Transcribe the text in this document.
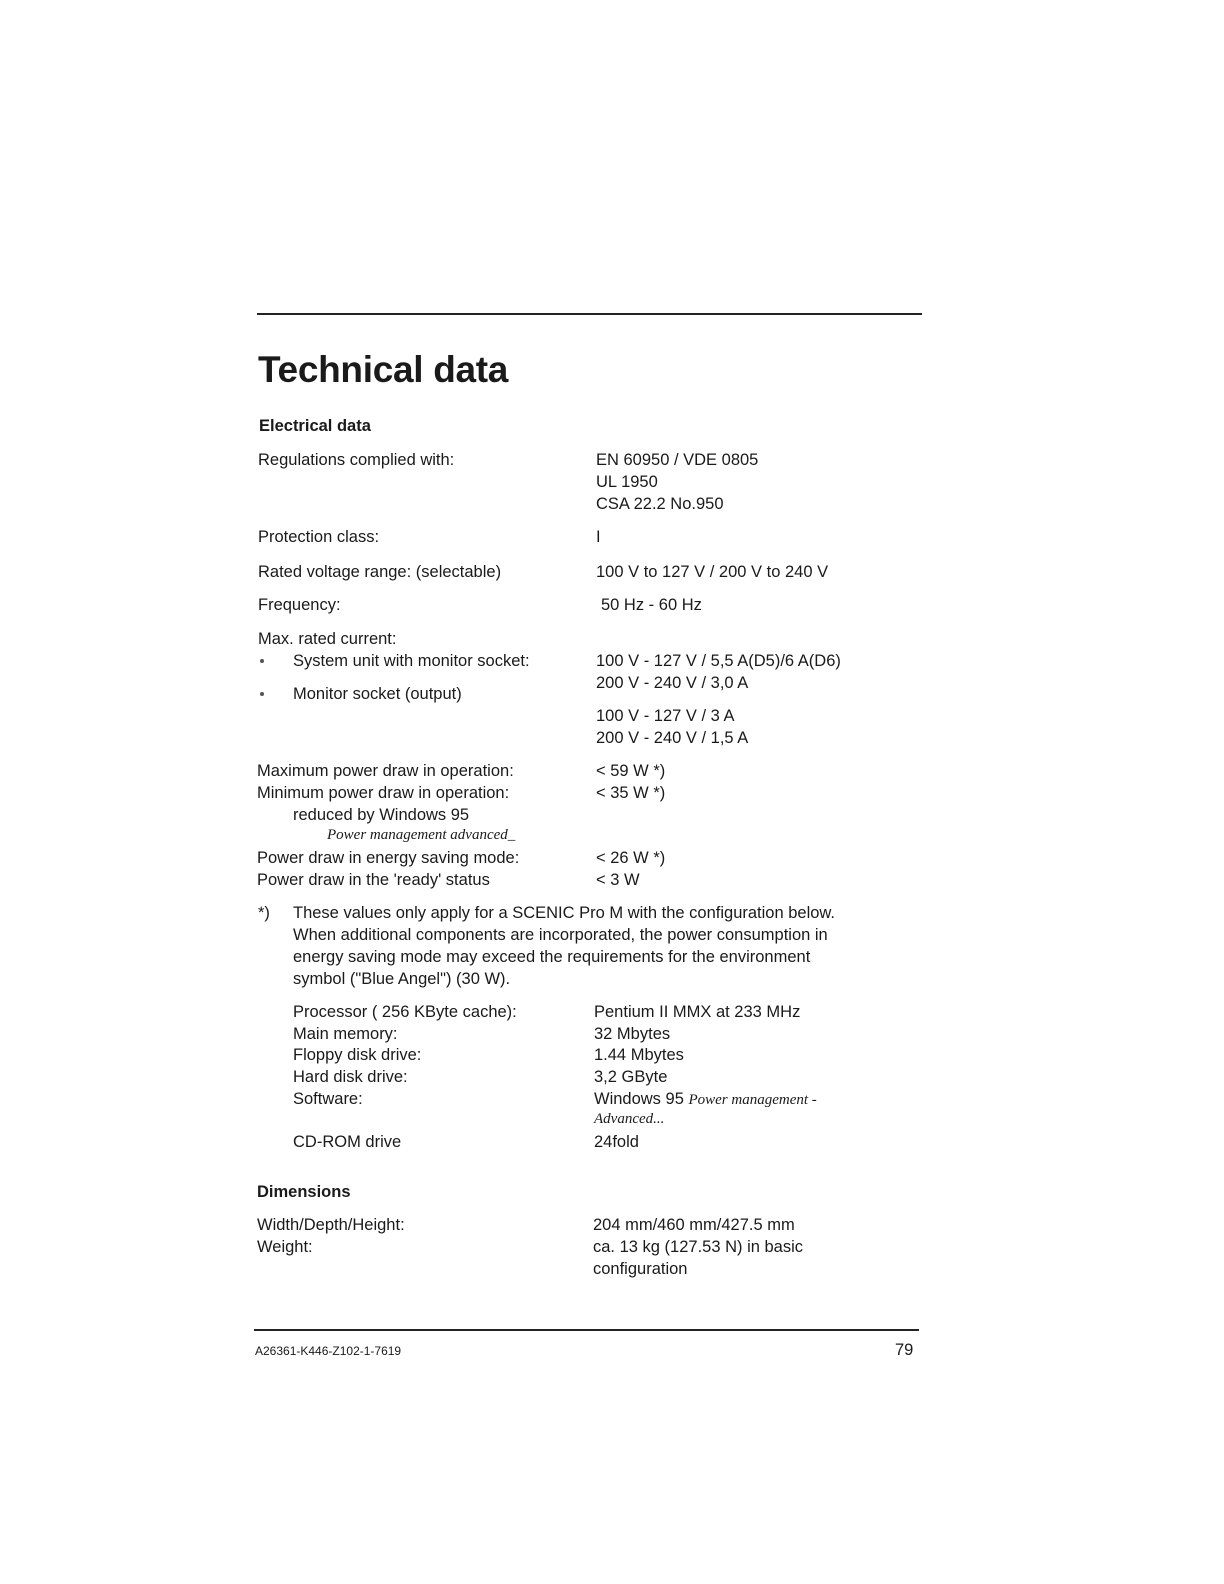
Technical data
Electrical data
Regulations complied with:	EN 60950 / VDE 0805
UL 1950
CSA 22.2 No.950
Protection class:	I
Rated voltage range: (selectable)	100 V to 127 V / 200 V to 240 V
Frequency:	50 Hz - 60 Hz
Max. rated current:
System unit with monitor socket:	100 V - 127 V / 5,5 A(D5)/6 A(D6)
200 V - 240 V / 3,0 A
Monitor socket (output)
100 V - 127 V / 3 A
200 V - 240 V / 1,5 A
Maximum power draw in operation:	< 59 W *)
Minimum power draw in operation:	< 35 W *)
reduced by Windows 95
Power management advanced_
Power draw in energy saving mode:	< 26 W *)
Power draw in the 'ready' status	< 3 W
*) These values only apply for a SCENIC Pro M with the configuration below.
When additional components are incorporated, the power consumption in
energy saving mode may exceed the requirements for the environment
symbol ("Blue Angel") (30 W).
Processor ( 256 KByte cache):	Pentium II MMX at 233 MHz
Main memory:	32 Mbytes
Floppy disk drive:	1.44 Mbytes
Hard disk drive:	3,2 GByte
Software:	Windows 95 Power management -
Advanced...
CD-ROM drive	24fold
Dimensions
Width/Depth/Height:	204 mm/460 mm/427.5 mm
Weight:	ca. 13 kg (127.53 N) in basic
configuration
A26361-K446-Z102-1-7619	79
